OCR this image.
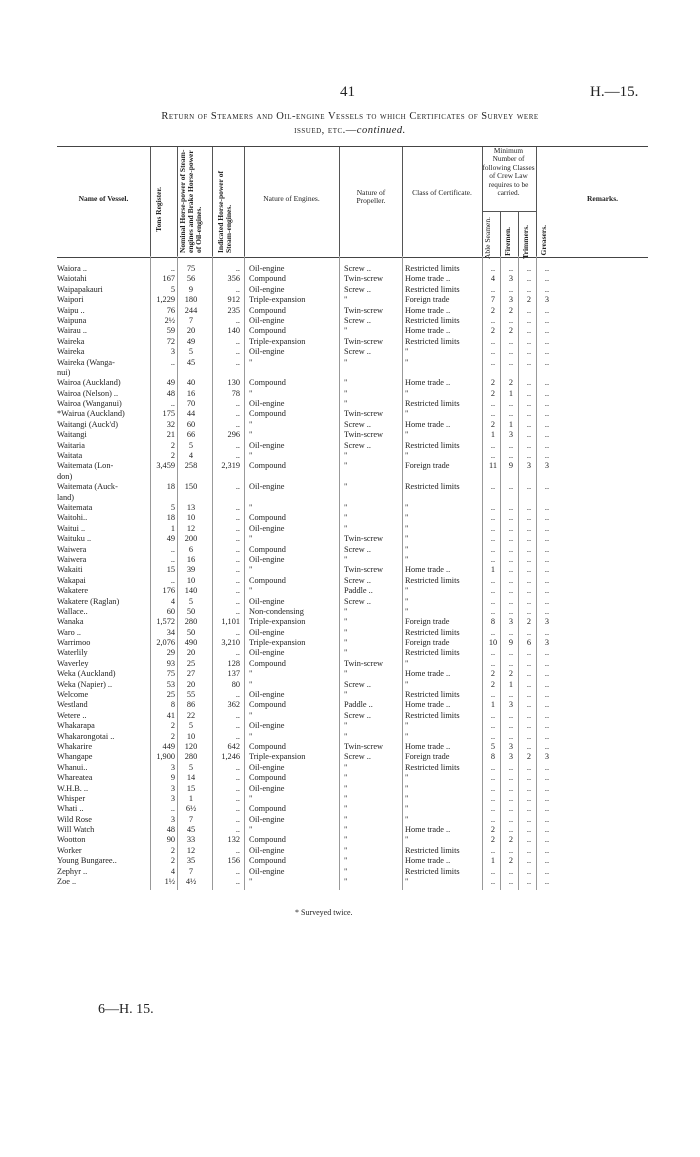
41	H.—15.
Return of Steamers and Oil-engine Vessels to which Certificates of Survey were
issued, etc.—continued.
Name of Vessel.	Tons Register. Nominal Horse-power of Steam-engines and Brake Horse-power of Oil-engines. Indicated Horse-power of Steam-engines.
Nature of Engines.
Nature of Propeller.
Class of Certificate.
Minimum Number of following Classes of Crew Law requires to be carried.
Able Seamen. Firemen. Trimmers. Greasers.
Remarks.
Waiora ..	..	75	.. Oil-engine	Screw ..	Restricted limits	..	..	..	..
Waiotahi	167	56	356 Compound	Twin-screw	Home trade ..	4	3	..	..
Waipapakauri	5	9	.. Oil-engine	Screw ..	Restricted limits	..	..	..	..
Waipori	1,229	180	912 Triple-expansion	"	Foreign trade	7	3	2	3
Waipu ..	76	244	235 Compound	Twin-screw	Home trade ..	2	2	..	..
Waipuna	2½	7	.. Oil-engine	Screw ..	Restricted limits	..	..	..	..
Wairau ..	59	20	140 Compound	"	Home trade ..	2	2	..	..
Waireka	72	49	.. Triple-expansion	Twin-screw	Restricted limits	..	..	..	..
Waireka	3	5	.. Oil-engine	Screw ..	"	..	..	..	..
Waireka (Wanga-	..	45	.. "	"	"	..	..	..	..
nui)
Wairoa (Auckland)	49	40	130 Compound	"	Home trade ..	2	2	..	..
Wairoa (Nelson) ..	48	16	78 "	"	"	2	1	..	..
Wairoa (Wanganui)	..	70	.. Oil-engine	"	Restricted limits	..	..	..	..
*Wairua (Auckland)	175	44	.. Compound	Twin-screw	"	..	..	..	..
Waitangi (Auck'd)	32	60	.. "	Screw ..	Home trade ..	2	1	..	..
Waitangi	21	66	296 "	Twin-screw	"	1	3	..	..
Waitaria	2	5	.. Oil-engine	Screw ..	Restricted limits	..	..	..	..
Waitata	2	4	.. "	"	"	..	..	..	..
Waitemata (Lon-	3,459	258	2,319 Compound	"	Foreign trade	11	9	3	3
don)
Waitemata (Auck-	18	150	.. Oil-engine	"	Restricted limits	..	..	..	..
land)
Waitemata	5	13	.. "	"	"	..	..	..	..
Waitohi..	18	10	.. Compound	"	"	..	..	..	..
Waitui ..	1	12	.. Oil-engine	"	"	..	..	..	..
Waituku ..	49	200	.. "	Twin-screw	"	..	..	..	..
Waiwera	..	6	.. Compound	Screw ..	"	..	..	..	..
Waiwera	..	16	.. Oil-engine	"	"	..	..	..	..
Wakaiti	15	39	.. "	Twin-screw	Home trade ..	1	..	..	..
Wakapai	..	10	.. Compound	Screw ..	Restricted limits	..	..	..	..
Wakatere	176	140	.. "	Paddle ..	"	..	..	..	..
Wakatere (Raglan)	4	5	.. Oil-engine	Screw ..	"	..	..	..	..
Wallace..	60	50	.. Non-condensing	"	"	..	..	..	..
Wanaka	1,572	280	1,101 Triple-expansion	"	Foreign trade	8	3	2	3
Waro ..	34	50	.. Oil-engine	"	Restricted limits	..	..	..	..
Warrimoo	2,076	490	3,210 Triple-expansion	"	Foreign trade	10	9	6	3
Waterlily	29	20	.. Oil-engine	"	Restricted limits	..	..	..	..
Waverley	93	25	128 Compound	Twin-screw	"	..	..	..	..
Weka (Auckland)	75	27	137 "	"	Home trade ..	2	2	..	..
Weka (Napier) ..	53	20	80 "	Screw ..	"	2	1	..	..
Welcome	25	55	.. Oil-engine	"	Restricted limits	..	..	..	..
Westland	8	86	362 Compound	Paddle ..	Home trade ..	1	3	..	..
Wetere ..	41	22	.. "	Screw ..	Restricted limits	..	..	..	..
Whakarapa	2	5	.. Oil-engine	"	"	..	..	..	..
Whakarongotai ..	2	10	.. "	"	"	..	..	..	..
Whakarire	449	120	642 Compound	Twin-screw	Home trade ..	5	3	..	..
Whangape	1,900	280	1,246 Triple-expansion	Screw ..	Foreign trade	8	3	2	3
Whanui..	3	5	.. Oil-engine	"	Restricted limits	..	..	..	..
Whareatea	9	14	.. Compound	"	"	..	..	..	..
W.H.B. ..	3	15	.. Oil-engine	"	"	..	..	..	..
Whisper	3	1	.. "	"	"	..	..	..	..
Whati ..	..	6½	.. Compound	"	"	..	..	..	..
Wild Rose	3	7	.. Oil-engine	"	"	..	..	..	..
Will Watch	48	45	.. "	"	Home trade ..	2	..	..	..
Wootton	90	33	132 Compound	"	"	2	2	..	..
Worker	2	12	.. Oil-engine	"	Restricted limits	..	..	..	..
Young Bungaree..	2	35	156 Compound	"	Home trade ..	1	2	..	..
Zephyr ..	4	7	.. Oil-engine	"	Restricted limits	..	..	..	..
Zoe ..	1½	4½	.. "	"	"	..	..	..	..
* Surveyed twice.
6—H. 15.
